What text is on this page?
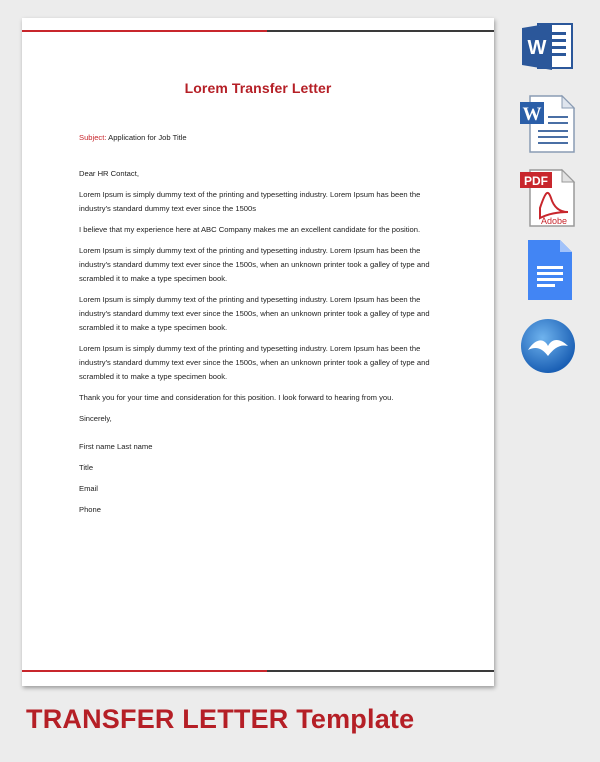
Lorem Transfer Letter

Subject: Application for Job Title

Dear HR Contact,

Lorem Ipsum is simply dummy text of the printing and typesetting industry. Lorem Ipsum has been the industry's standard dummy text ever since the 1500s

I believe that my experience here at ABC Company makes me an excellent candidate for the position.

Lorem Ipsum is simply dummy text of the printing and typesetting industry. Lorem Ipsum has been the industry's standard dummy text ever since the 1500s, when an unknown printer took a galley of type and scrambled it to make a type specimen book.

Lorem Ipsum is simply dummy text of the printing and typesetting industry. Lorem Ipsum has been the industry's standard dummy text ever since the 1500s, when an unknown printer took a galley of type and scrambled it to make a type specimen book.

Lorem Ipsum is simply dummy text of the printing and typesetting industry. Lorem Ipsum has been the industry's standard dummy text ever since the 1500s, when an unknown printer took a galley of type and scrambled it to make a type specimen book.

Thank you for your time and consideration for this position. I look forward to hearing from you.

Sincerely,

First name Last name

Title

Email

Phone

W
W
PDF
Adobe
TRANSFER LETTER Template
